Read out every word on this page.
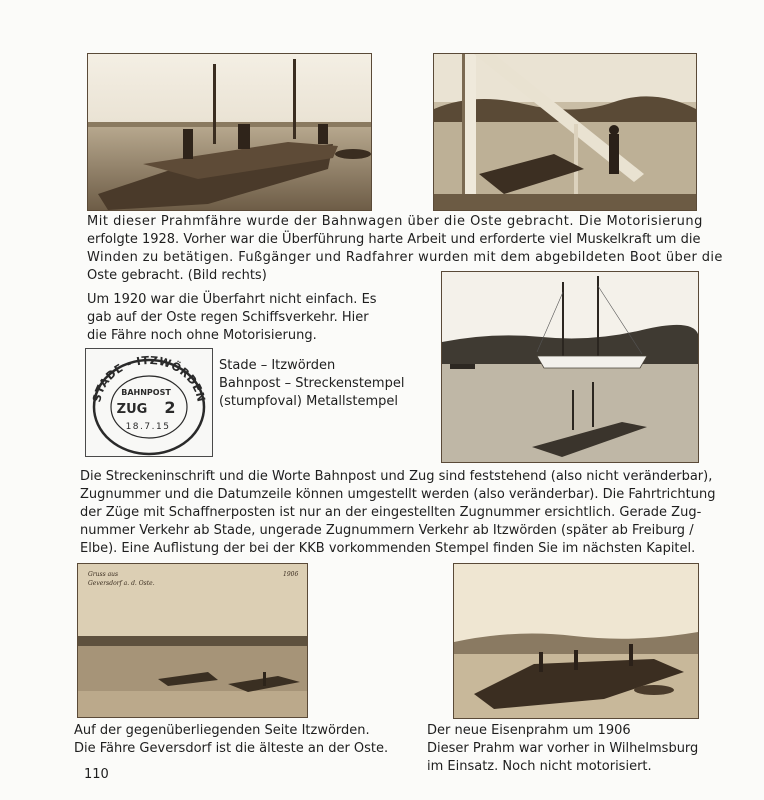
Mit dieser Prahmfähre wurde der Bahnwagen über die Oste gebracht. Die Motorisierung
erfolgte 1928. Vorher war die Überführung harte Arbeit und erforderte viel Muskelkraft um die
Winden zu betätigen. Fußgänger und Radfahrer wurden mit dem abgebildeten Boot über die
Oste gebracht. (Bild rechts)
Um 1920 war die Überfahrt nicht einfach. Es
gab auf der Oste regen Schiffsverkehr. Hier
die Fähre noch ohne Motorisierung.
STADE - ITZWÖRDEN
BAHNPOST
ZUG 2
18.7.15
Stade – Itzwörden
Bahnpost – Streckenstempel
(stumpfoval) Metallstempel
Die Streckeninschrift und die Worte Bahnpost und Zug sind feststehend (also nicht veränderbar),
Zugnummer und die Datumzeile können umgestellt werden (also veränderbar). Die Fahrtrichtung
der Züge mit Schaffnerposten ist nur an der eingestellten Zugnummer ersichtlich. Gerade Zug-
nummer Verkehr ab Stade, ungerade Zugnummern Verkehr ab Itzwörden (später ab Freiburg /
Elbe). Eine Auflistung der bei der KKB vorkommenden Stempel finden Sie im nächsten Kapitel.
Gruss aus
Geversdorf a. d. Oste.
1906
Auf der gegenüberliegenden Seite Itzwörden.
Die Fähre Geversdorf ist die älteste an der Oste.
Der neue Eisenprahm um 1906
Dieser Prahm war vorher in Wilhelmsburg
im Einsatz. Noch nicht motorisiert.
110
